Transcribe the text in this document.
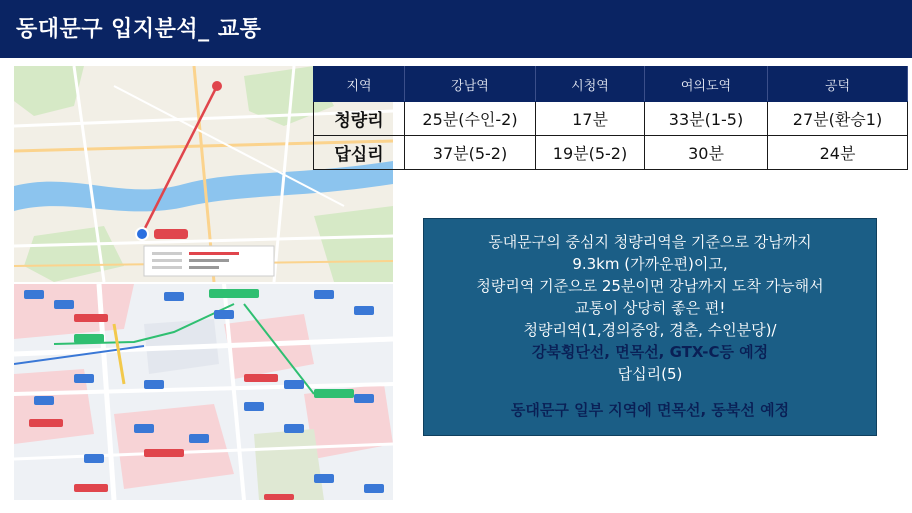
동대문구 입지분석_ 교통
지역	강남역	시청역	여의도역	공덕
청량리	25분(수인-2)	17분	33분(1-5)	27분(환승1)
답십리	37분(5-2)	19분(5-2)	30분	24분
동대문구의 중심지 청량리역을 기준으로 강남까지
9.3km (가까운편)이고,
청량리역 기준으로 25분이면 강남까지 도착 가능해서
교통이 상당히 좋은 편!
청량리역(1,경의중앙, 경춘, 수인분당)/
강북횡단선, 면목선, GTX-C등 예정
답십리(5)
동대문구 일부 지역에 면목선, 동북선 예정
